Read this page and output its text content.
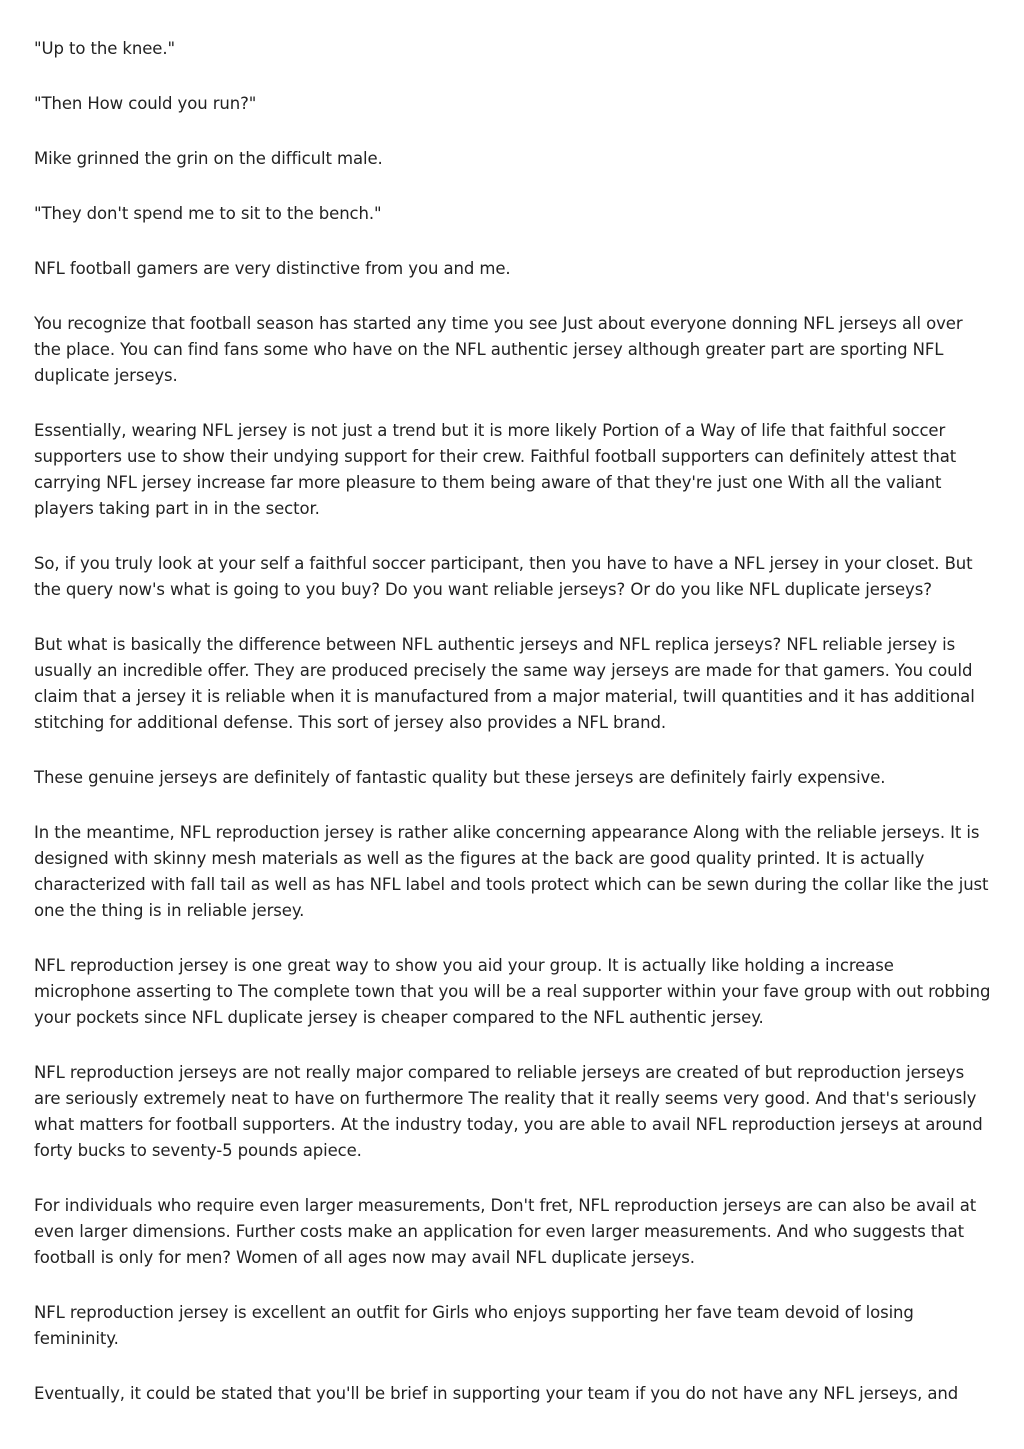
"Up to the knee."

"Then How could you run?"

Mike grinned the grin on the difficult male.

"They don't spend me to sit to the bench."

NFL football gamers are very distinctive from you and me.

You recognize that football season has started any time you see Just about everyone donning NFL jerseys all over the place. You can find fans some who have on the NFL authentic jersey although greater part are sporting NFL duplicate jerseys.

Essentially, wearing NFL jersey is not just a trend but it is more likely Portion of a Way of life that faithful soccer supporters use to show their undying support for their crew. Faithful football supporters can definitely attest that carrying NFL jersey increase far more pleasure to them being aware of that they're just one With all the valiant players taking part in in the sector.

So, if you truly look at your self a faithful soccer participant, then you have to have a NFL jersey in your closet. But the query now's what is going to you buy? Do you want reliable jerseys? Or do you like NFL duplicate jerseys?

But what is basically the difference between NFL authentic jerseys and NFL replica jerseys? NFL reliable jersey is usually an incredible offer. They are produced precisely the same way jerseys are made for that gamers. You could claim that a jersey it is reliable when it is manufactured from a major material, twill quantities and it has additional stitching for additional defense. This sort of jersey also provides a NFL brand.

These genuine jerseys are definitely of fantastic quality but these jerseys are definitely fairly expensive.

In the meantime, NFL reproduction jersey is rather alike concerning appearance Along with the reliable jerseys. It is designed with skinny mesh materials as well as the figures at the back are good quality printed. It is actually characterized with fall tail as well as has NFL label and tools protect which can be sewn during the collar like the just one the thing is in reliable jersey.

NFL reproduction jersey is one great way to show you aid your group. It is actually like holding a increase microphone asserting to The complete town that you will be a real supporter within your fave group with out robbing your pockets since NFL duplicate jersey is cheaper compared to the NFL authentic jersey.

NFL reproduction jerseys are not really major compared to reliable jerseys are created of but reproduction jerseys are seriously extremely neat to have on furthermore The reality that it really seems very good. And that's seriously what matters for football supporters. At the industry today, you are able to avail NFL reproduction jerseys at around forty bucks to seventy-5 pounds apiece.

For individuals who require even larger measurements, Don't fret, NFL reproduction jerseys are can also be avail at even larger dimensions. Further costs make an application for even larger measurements. And who suggests that football is only for men? Women of all ages now may avail NFL duplicate jerseys.

NFL reproduction jersey is excellent an outfit for Girls who enjoys supporting her fave team devoid of losing femininity.

Eventually, it could be stated that you'll be brief in supporting your team if you do not have any NFL jerseys, and
